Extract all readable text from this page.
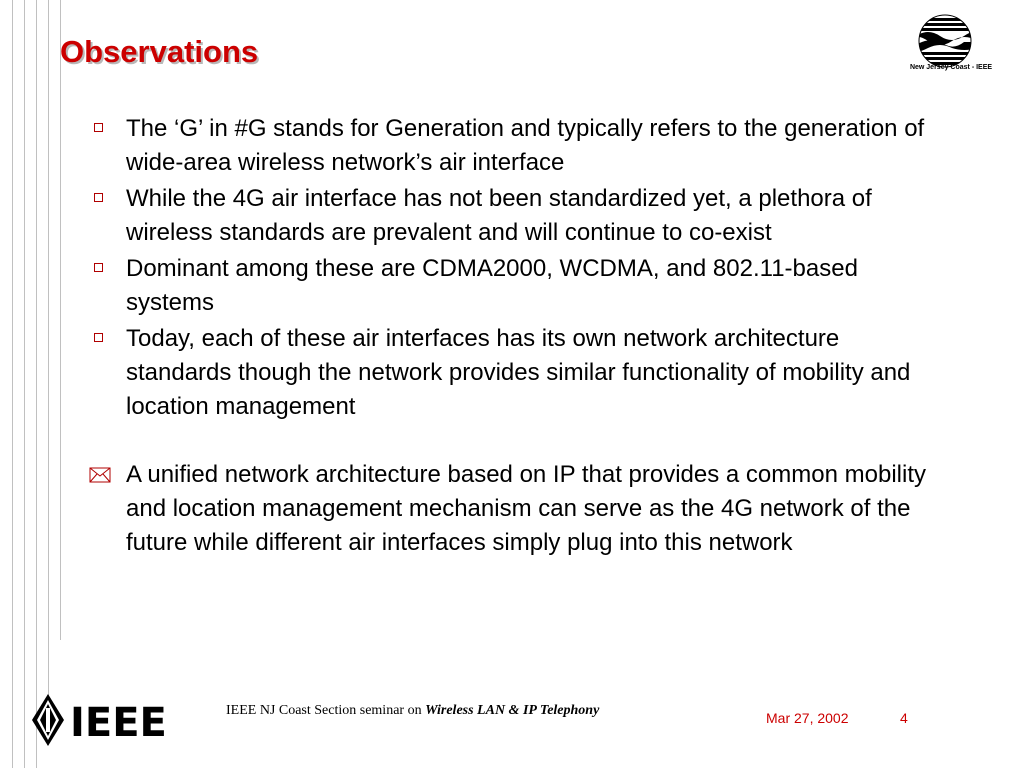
Observations	New Jersey Coast - IEEE
The ‘G’ in #G stands for Generation and typically refers to the generation of wide-area wireless network’s air interface
While the 4G air interface has not been standardized yet, a plethora of wireless standards are prevalent and will continue to co-exist
Dominant among these are CDMA2000, WCDMA, and 802.11-based systems
Today, each of these air interfaces has its own network architecture standards though the network provides similar functionality of mobility and location management
A unified network architecture based on IP that provides a common mobility and location management mechanism can serve as the 4G network of the future while different air interfaces simply plug into this network
IEEE	IEEE NJ Coast Section seminar on Wireless LAN & IP Telephony	Mar 27, 2002	4
